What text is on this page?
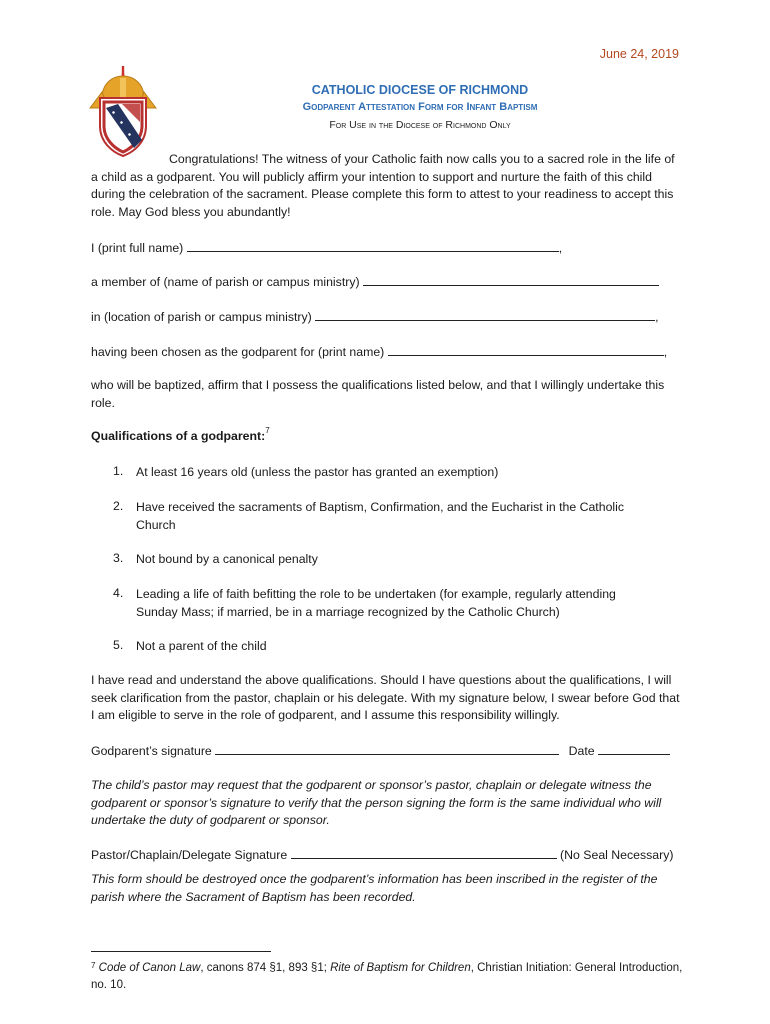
June 24, 2019
CATHOLIC DIOCESE OF RICHMOND
Godparent Attestation Form for Infant Baptism
For Use in the Diocese of Richmond Only
Congratulations! The witness of your Catholic faith now calls you to a sacred role in the life of a child as a godparent. You will publicly affirm your intention to support and nurture the faith of this child during the celebration of the sacrament. Please complete this form to attest to your readiness to accept this role. May God bless you abundantly!
I (print full name)	,
a member of (name of parish or campus ministry)
in (location of parish or campus ministry)	,
having been chosen as the godparent for (print name)	,
who will be baptized, affirm that I possess the qualifications listed below, and that I willingly undertake this role.
Qualifications of a godparent:$^7$
1. At least 16 years old (unless the pastor has granted an exemption)
2. Have received the sacraments of Baptism, Confirmation, and the Eucharist in the Catholic Church
3. Not bound by a canonical penalty
4. Leading a life of faith befitting the role to be undertaken (for example, regularly attending Sunday Mass; if married, be in a marriage recognized by the Catholic Church)
5. Not a parent of the child
I have read and understand the above qualifications. Should I have questions about the qualifications, I will seek clarification from the pastor, chaplain or his delegate. With my signature below, I swear before God that I am eligible to serve in the role of godparent, and I assume this responsibility willingly.
Godparent’s signature	Date
The child’s pastor may request that the godparent or sponsor’s pastor, chaplain or delegate witness the godparent or sponsor’s signature to verify that the person signing the form is the same individual who will undertake the duty of godparent or sponsor.
Pastor/Chaplain/Delegate Signature	(No Seal Necessary)
This form should be destroyed once the godparent’s information has been inscribed in the register of the parish where the Sacrament of Baptism has been recorded.
$^7$ Code of Canon Law, canons 874 §1, 893 §1; Rite of Baptism for Children, Christian Initiation: General Introduction, no. 10.
